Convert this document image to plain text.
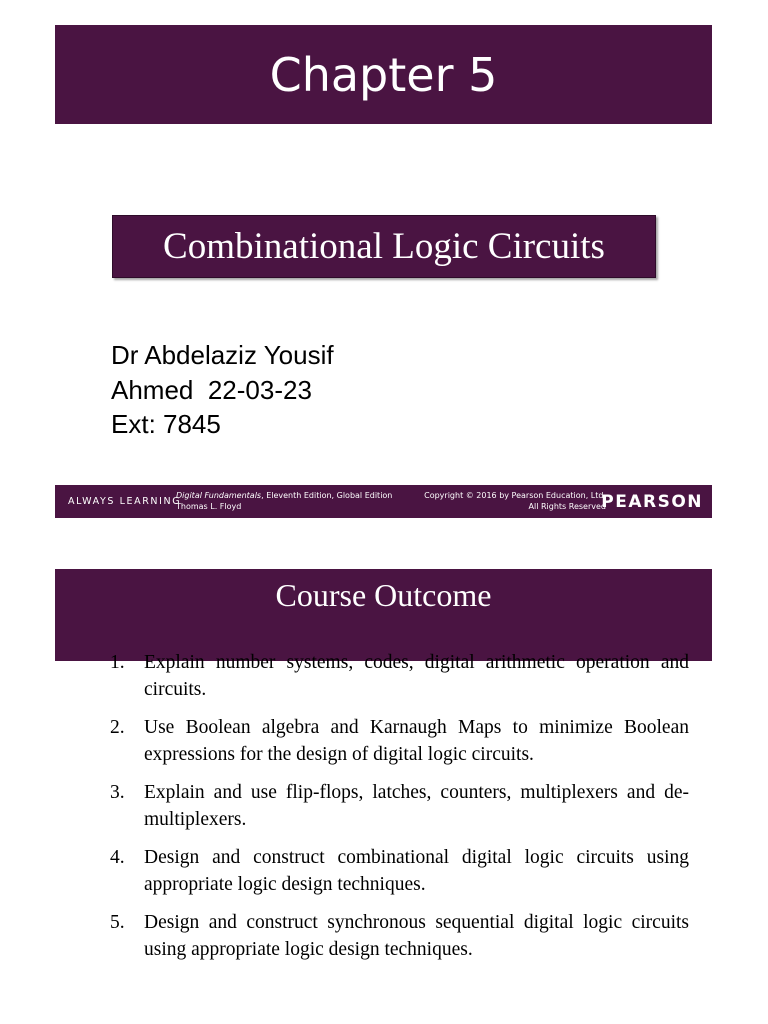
Chapter 5
Combinational Logic Circuits
Dr Abdelaziz Yousif
Ahmed  22-03-23
Ext: 7845
ALWAYS LEARNING
Digital Fundamentals, Eleventh Edition, Global Edition
Thomas L. Floyd
Copyright © 2016 by Pearson Education, Ltd.
All Rights Reserved
PEARSON
Course Outcome
1. Explain number systems, codes, digital arithmetic operation and circuits.
2. Use Boolean algebra and Karnaugh Maps to minimize Boolean expressions for the design of digital logic circuits.
3. Explain and use flip-flops, latches, counters, multiplexers and de-multiplexers.
4. Design and construct combinational digital logic circuits using appropriate logic design techniques.
5. Design and construct synchronous sequential digital logic circuits using appropriate logic design techniques.
